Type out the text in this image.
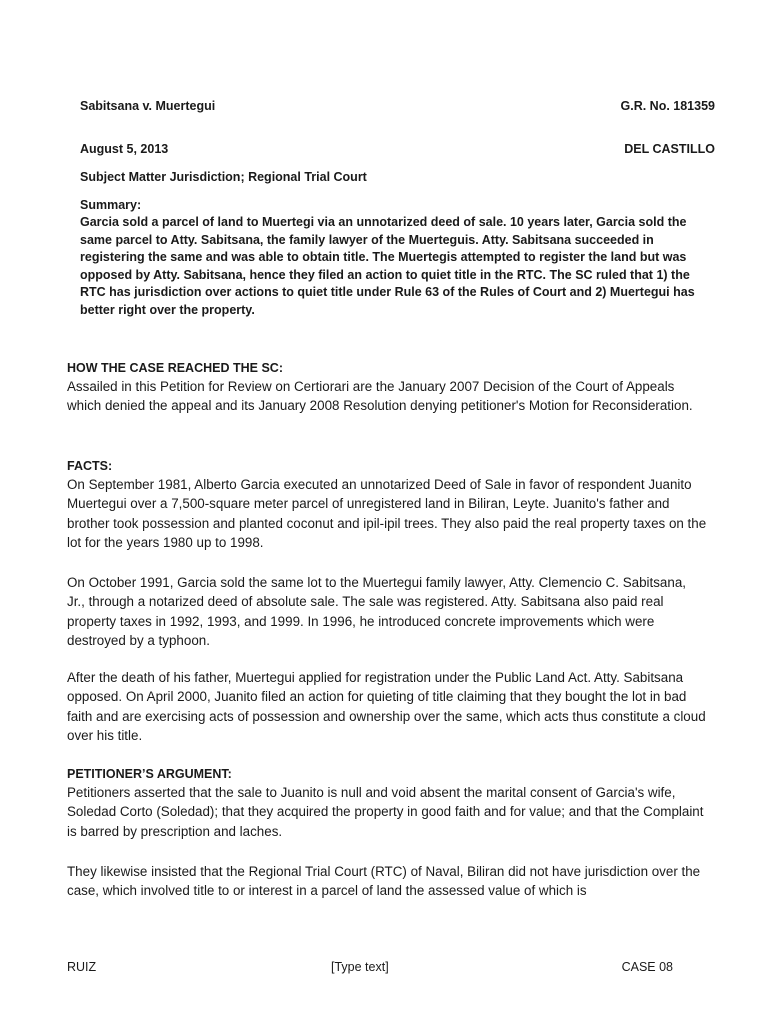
Sabitsana v. Muertegui	G.R. No. 181359
August 5, 2013	DEL CASTILLO
Subject Matter Jurisdiction; Regional Trial Court
Summary:
Garcia sold a parcel of land to Muertegi via an unnotarized deed of sale. 10 years later, Garcia sold the same parcel to Atty. Sabitsana, the family lawyer of the Muerteguis. Atty. Sabitsana succeeded in registering the same and was able to obtain title. The Muertegis attempted to register the land but was opposed by Atty. Sabitsana, hence they filed an action to quiet title in the RTC. The SC ruled that 1) the RTC has jurisdiction over actions to quiet title under Rule 63 of the Rules of Court and 2) Muertegui has better right over the property.
HOW THE CASE REACHED THE SC:

Assailed in this Petition for Review on Certiorari are the January 2007 Decision of the Court of Appeals which denied the appeal and its January 2008 Resolution denying petitioner's Motion for Reconsideration.

FACTS:

On September 1981, Alberto Garcia executed an unnotarized Deed of Sale in favor of respondent Juanito Muertegui over a 7,500-square meter parcel of unregistered land in Biliran, Leyte. Juanito's father and brother took possession and planted coconut and ipil-ipil trees. They also paid the real property taxes on the lot for the years 1980 up to 1998.

On October 1991, Garcia sold the same lot to the Muertegui family lawyer, Atty. Clemencio C. Sabitsana, Jr., through a notarized deed of absolute sale. The sale was registered. Atty. Sabitsana also paid real property taxes in 1992, 1993, and 1999. In 1996, he introduced concrete improvements which were destroyed by a typhoon.

After the death of his father, Muertegui applied for registration under the Public Land Act. Atty. Sabitsana opposed. On April 2000, Juanito filed an action for quieting of title claiming that they bought the lot in bad faith and are exercising acts of possession and ownership over the same, which acts thus constitute a cloud over his title.

PETITIONER’S ARGUMENT:

Petitioners asserted that the sale to Juanito is null and void absent the marital consent of Garcia's wife, Soledad Corto (Soledad); that they acquired the property in good faith and for value; and that the Complaint is barred by prescription and laches.

They likewise insisted that the Regional Trial Court (RTC) of Naval, Biliran did not have jurisdiction over the case, which involved title to or interest in a parcel of land the assessed value of which is

RUIZ	[Type text]	CASE 08
